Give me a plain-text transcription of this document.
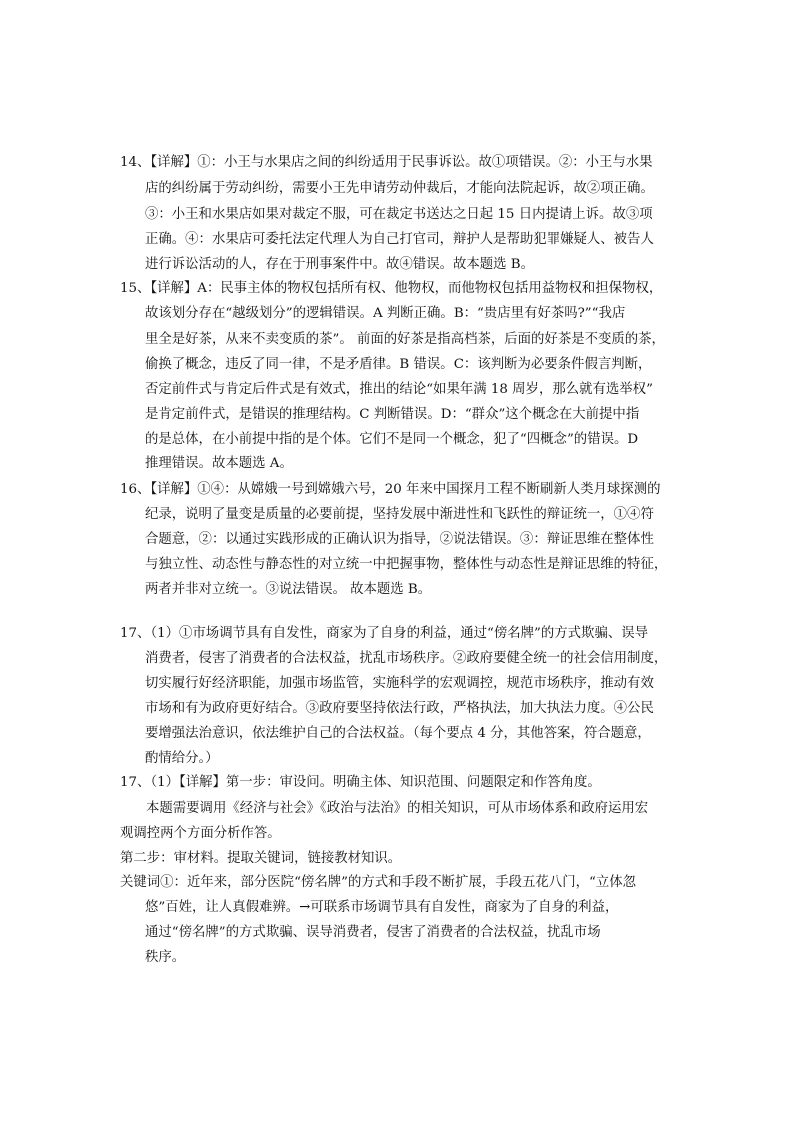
14、【详解】①：小王与水果店之间的纠纷适用于民事诉讼。故①项错误。②：小王与水果
店的纠纷属于劳动纠纷，需要小王先申请劳动仲裁后，才能向法院起诉，故②项正确。
③：小王和水果店如果对裁定不服，可在裁定书送达之日起 15 日内提请上诉。故③项
正确。④：水果店可委托法定代理人为自己打官司，辩护人是帮助犯罪嫌疑人、被告人
进行诉讼活动的人，存在于刑事案件中。故④错误。故本题选 B。
15、【详解】A：民事主体的物权包括所有权、他物权，而他物权包括用益物权和担保物权，
故该划分存在“越级划分”的逻辑错误。A 判断正确。B：“贵店里有好茶吗?”“我店
里全是好茶，从来不卖变质的茶”。 前面的好茶是指高档茶，后面的好茶是不变质的茶，
偷换了概念，违反了同一律，不是矛盾律。B 错误。C：该判断为必要条件假言判断，
否定前件式与肯定后件式是有效式，推出的结论“如果年满 18 周岁，那么就有选举权”
是肯定前件式，是错误的推理结构。C 判断错误。D：“群众”这个概念在大前提中指
的是总体，在小前提中指的是个体。它们不是同一个概念，犯了“四概念”的错误。D
推理错误。故本题选 A。
16、【详解】①④：从嫦娥一号到嫦娥六号，20 年来中国探月工程不断刷新人类月球探测的
纪录，说明了量变是质量的必要前提，坚持发展中渐进性和飞跃性的辩证统一，①④符
合题意，②：以通过实践形成的正确认识为指导，②说法错误。③：辩证思维在整体性
与独立性、动态性与静态性的对立统一中把握事物，整体性与动态性是辩证思维的特征，
两者并非对立统一。③说法错误。 故本题选 B。
17、（1）①市场调节具有自发性，商家为了自身的利益，通过“傍名牌”的方式欺骗、误导
消费者，侵害了消费者的合法权益，扰乱市场秩序。②政府要健全统一的社会信用制度，
切实履行好经济职能，加强市场监管，实施科学的宏观调控，规范市场秩序，推动有效
市场和有为政府更好结合。③政府要坚持依法行政，严格执法，加大执法力度。④公民
要增强法治意识，依法维护自己的合法权益。（每个要点 4 分，其他答案，符合题意，
酌情给分。）
17、（1）【详解】第一步：审设问。明确主体、知识范围、问题限定和作答角度。
本题需要调用《经济与社会》《政治与法治》的相关知识，可从市场体系和政府运用宏
观调控两个方面分析作答。
第二步：审材料。提取关键词，链接教材知识。
关键词①：近年来，部分医院“傍名牌”的方式和手段不断扩展，手段五花八门，“立体忽
悠”百姓，让人真假难辨。→可联系市场调节具有自发性，商家为了自身的利益，
通过“傍名牌”的方式欺骗、误导消费者，侵害了消费者的合法权益，扰乱市场
秩序。
